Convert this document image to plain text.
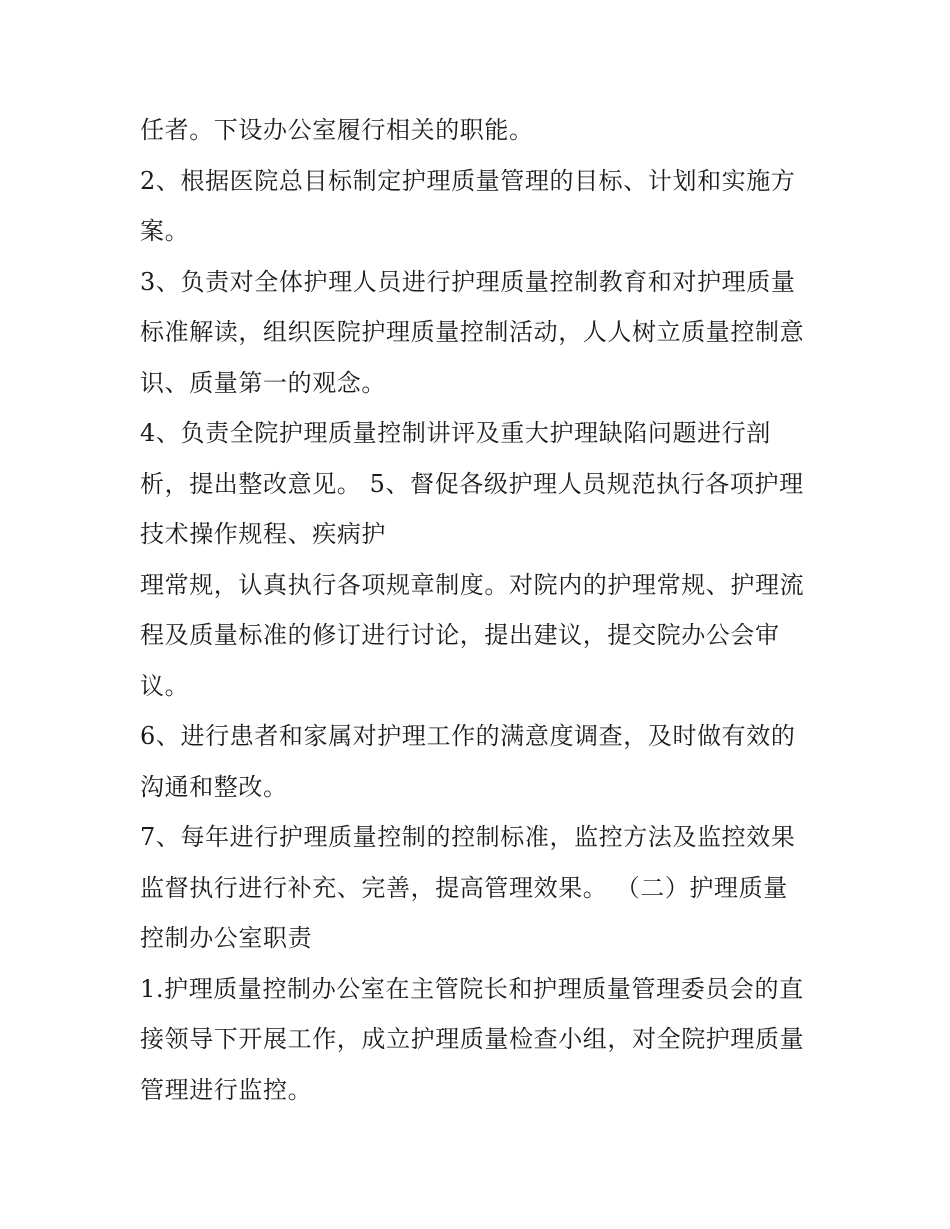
任者。下设办公室履行相关的职能。
2、根据医院总目标制定护理质量管理的目标、计划和实施方
案。
3、负责对全体护理人员进行护理质量控制教育和对护理质量
标准解读，组织医院护理质量控制活动，人人树立质量控制意
识、质量第一的观念。
4、负责全院护理质量控制讲评及重大护理缺陷问题进行剖
析，提出整改意见。 5、督促各级护理人员规范执行各项护理
技术操作规程、疾病护
理常规，认真执行各项规章制度。对院内的护理常规、护理流
程及质量标准的修订进行讨论，提出建议，提交院办公会审
议。
6、进行患者和家属对护理工作的满意度调查，及时做有效的
沟通和整改。
7、每年进行护理质量控制的控制标准，监控方法及监控效果
监督执行进行补充、完善，提高管理效果。 （二）护理质量
控制办公室职责
1.护理质量控制办公室在主管院长和护理质量管理委员会的直
接领导下开展工作，成立护理质量检查小组，对全院护理质量
管理进行监控。
